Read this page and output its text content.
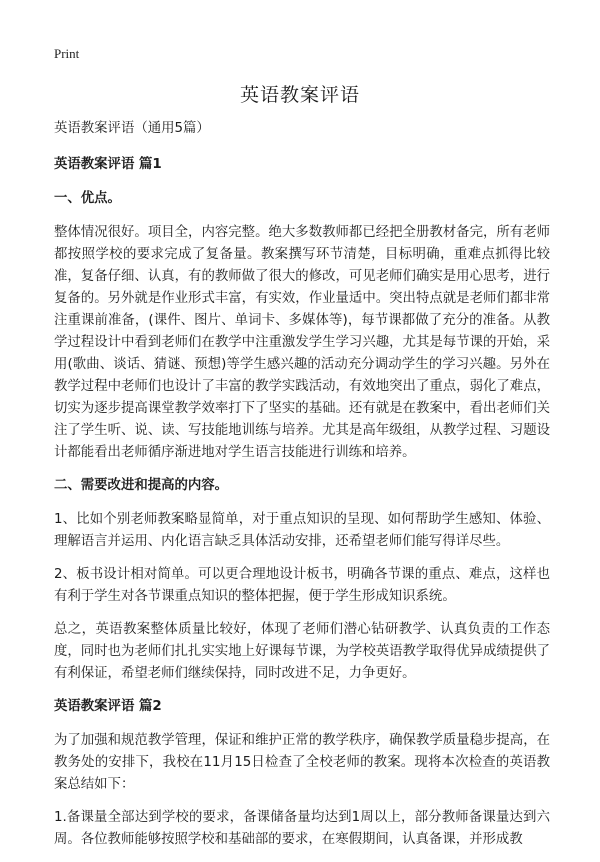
Print
英语教案评语

英语教案评语（通用5篇）

英语教案评语 篇1

一、优点。

整体情况很好。项目全，内容完整。绝大多数教师都已经把全册教材备完，所有老师都按照学校的要求完成了复备量。教案撰写环节清楚，目标明确，重难点抓得比较准，复备仔细、认真，有的教师做了很大的修改，可见老师们确实是用心思考，进行复备的。另外就是作业形式丰富，有实效，作业量适中。突出特点就是老师们都非常注重课前准备，(课件、图片、单词卡、多媒体等)，每节课都做了充分的准备。从教学过程设计中看到老师们在教学中注重激发学生学习兴趣，尤其是每节课的开始，采用(歌曲、谈话、猜谜、预想)等学生感兴趣的活动充分调动学生的学习兴趣。另外在教学过程中老师们也设计了丰富的教学实践活动，有效地突出了重点，弱化了难点，切实为逐步提高课堂教学效率打下了坚实的基础。还有就是在教案中，看出老师们关注了学生听、说、读、写技能地训练与培养。尤其是高年级组，从教学过程、习题设计都能看出老师循序渐进地对学生语言技能进行训练和培养。

二、需要改进和提高的内容。

1、比如个别老师教案略显简单，对于重点知识的呈现、如何帮助学生感知、体验、理解语言并运用、内化语言缺乏具体活动安排，还希望老师们能写得详尽些。

2、板书设计相对简单。可以更合理地设计板书，明确各节课的重点、难点，这样也有利于学生对各节课重点知识的整体把握，便于学生形成知识系统。

总之，英语教案整体质量比较好，体现了老师们潜心钻研教学、认真负责的工作态度，同时也为老师们扎扎实实地上好课每节课，为学校英语教学取得优异成绩提供了有利保证，希望老师们继续保持，同时改进不足，力争更好。

英语教案评语 篇2

为了加强和规范教学管理，保证和维护正常的教学秩序，确保教学质量稳步提高，在教务处的安排下，我校在11月15日检查了全校老师的教案。现将本次检查的英语教案总结如下：

1.备课量全部达到学校的要求，备课储备量均达到1周以上，部分教师备课量达到六周。各位教师能够按照学校和基础部的要求，在寒假期间，认真备课，并形成教
